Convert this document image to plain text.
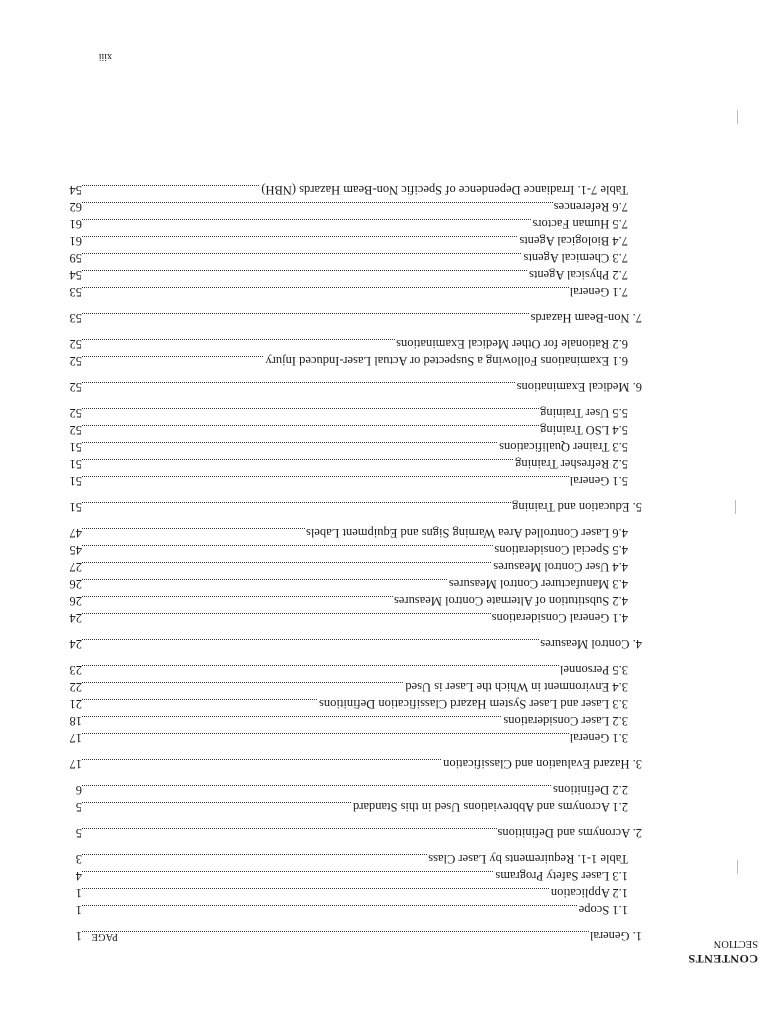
CONTENTS
SECTION
PAGE	1. General
1
1.1 Scope
1
1.2 Application
1
1.3 Laser Safety Programs
4
Table 1-1. Requirements by Laser Class
3
2. Acronyms and Definitions
5
2.1 Acronyms and Abbreviations Used in this Standard
5
2.2 Definitions
6
3. Hazard Evaluation and Classification
17
3.1 General
17
3.2 Laser Considerations
18
3.3 Laser and Laser System Hazard Classification Definitions
21
3.4 Environment in Which the Laser is Used
22
3.5 Personnel
23
4. Control Measures
24
4.1 General Considerations
24
4.2 Substitution of Alternate Control Measures
26
4.3 Manufacturer Control Measures
26
4.4 User Control Measures
27
4.5 Special Considerations
45
4.6 Laser Controlled Area Warning Signs and Equipment Labels
47
5. Education and Training
51
5.1 General
51
5.2 Refresher Training
51
5.3 Trainer Qualifications
51
5.4 LSO Training
52
5.5 User Training
52
6. Medical Examinations
52
6.1 Examinations Following a Suspected or Actual Laser-Induced Injury
52
6.2 Rationale for Other Medical Examinations
52
7. Non-Beam Hazards
53
7.1 General
53
7.2 Physical Agents
54
7.3 Chemical Agents
59
7.4 Biological Agents
61
7.5 Human Factors
61
7.6 References
62
Table 7-1. Irradiance Dependence of Specific Non-Beam Hazards (NBH)
54
xiii
